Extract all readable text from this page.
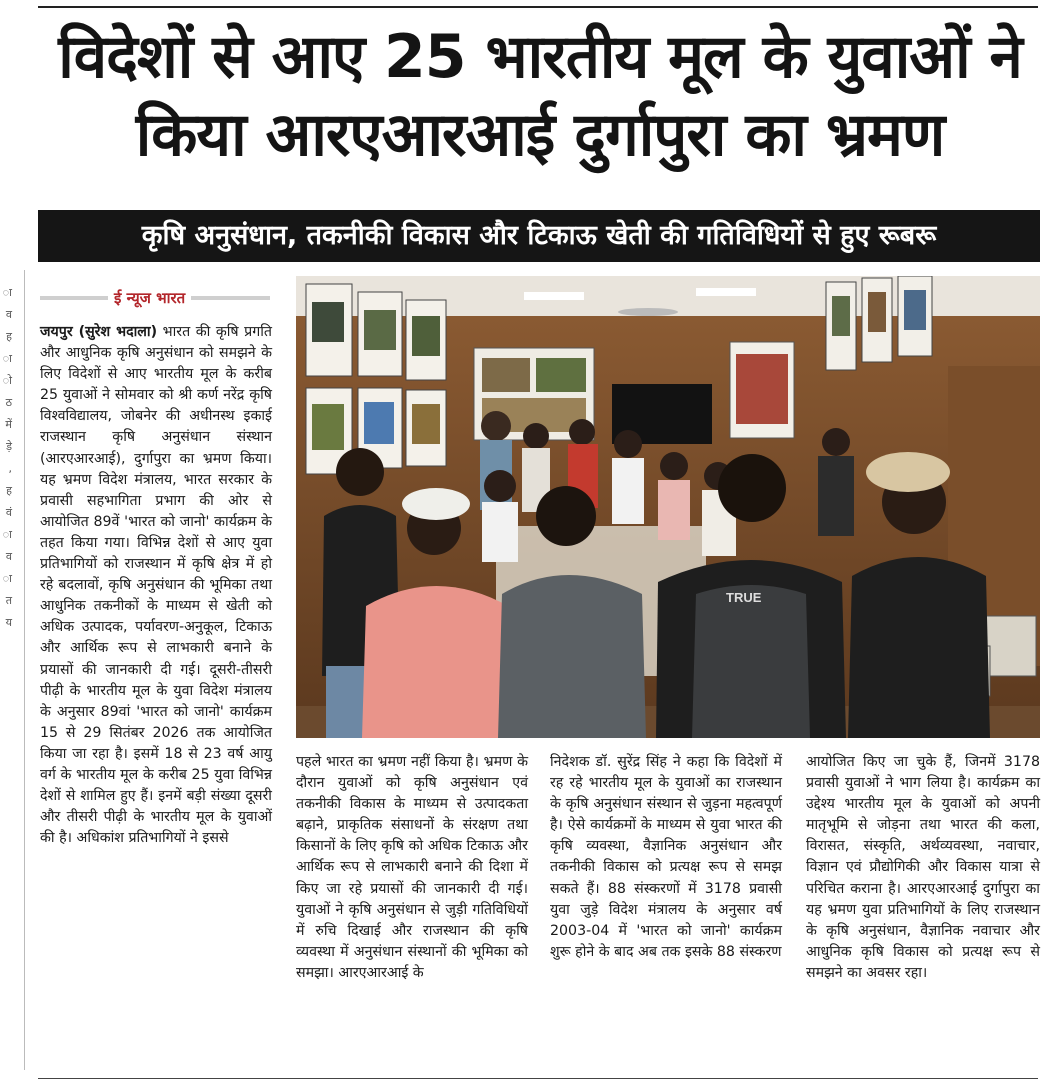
विदेशों से आए 25 भारतीय मूल के युवाओं ने किया आरएआरआई दुर्गापुरा का भ्रमण
कृषि अनुसंधान, तकनीकी विकास और टिकाऊ खेती की गतिविधियों से हुए रूबरू
ा
व
ह
ा
ो
ठ
में
ड़े
,
ह
वं
ा
व
ा
त
य
ई न्यूज भारत

जयपुर (सुरेश भदाला) भारत की कृषि प्रगति और आधुनिक कृषि अनुसंधान को समझने के लिए विदेशों से आए भारतीय मूल के करीब 25 युवाओं ने सोमवार को श्री कर्ण नरेंद्र कृषि विश्वविद्यालय, जोबनेर की अधीनस्थ इकाई राजस्थान कृषि अनुसंधान संस्थान (आरएआरआई), दुर्गापुरा का भ्रमण किया। यह भ्रमण विदेश मंत्रालय, भारत सरकार के प्रवासी सहभागिता प्रभाग की ओर से आयोजित 89वें 'भारत को जानो' कार्यक्रम के तहत किया गया। विभिन्न देशों से आए युवा प्रतिभागियों को राजस्थान में कृषि क्षेत्र में हो रहे बदलावों, कृषि अनुसंधान की भूमिका तथा आधुनिक तकनीकों के माध्यम से खेती को अधिक उत्पादक, पर्यावरण-अनुकूल, टिकाऊ और आर्थिक रूप से लाभकारी बनाने के प्रयासों की जानकारी दी गई। दूसरी-तीसरी पीढ़ी के भारतीय मूल के युवा विदेश मंत्रालय के अनुसार 89वां 'भारत को जानो' कार्यक्रम 15 से 29 सितंबर 2026 तक आयोजित किया जा रहा है। इसमें 18 से 23 वर्ष आयु वर्ग के भारतीय मूल के करीब 25 युवा विभिन्न देशों से शामिल हुए हैं। इनमें बड़ी संख्या दूसरी और तीसरी पीढ़ी के भारतीय मूल के युवाओं की है। अधिकांश प्रतिभागियों ने इससे

TRUE

पहले भारत का भ्रमण नहीं किया है। भ्रमण के दौरान युवाओं को कृषि अनुसंधान एवं तकनीकी विकास के माध्यम से उत्पादकता बढ़ाने, प्राकृतिक संसाधनों के संरक्षण तथा किसानों के लिए कृषि को अधिक टिकाऊ और आर्थिक रूप से लाभकारी बनाने की दिशा में किए जा रहे प्रयासों की जानकारी दी गई। युवाओं ने कृषि अनुसंधान से जुड़ी गतिविधियों में रुचि दिखाई और राजस्थान की कृषि व्यवस्था में अनुसंधान संस्थानों की भूमिका को समझा। आरएआरआई के

निदेशक डॉ. सुरेंद्र सिंह ने कहा कि विदेशों में रह रहे भारतीय मूल के युवाओं का राजस्थान के कृषि अनुसंधान संस्थान से जुड़ना महत्वपूर्ण है। ऐसे कार्यक्रमों के माध्यम से युवा भारत की कृषि व्यवस्था, वैज्ञानिक अनुसंधान और तकनीकी विकास को प्रत्यक्ष रूप से समझ सकते हैं। 88 संस्करणों में 3178 प्रवासी युवा जुड़े विदेश मंत्रालय के अनुसार वर्ष 2003-04 में 'भारत को जानो' कार्यक्रम शुरू होने के बाद अब तक इसके 88 संस्करण

आयोजित किए जा चुके हैं, जिनमें 3178 प्रवासी युवाओं ने भाग लिया है। कार्यक्रम का उद्देश्य भारतीय मूल के युवाओं को अपनी मातृभूमि से जोड़ना तथा भारत की कला, विरासत, संस्कृति, अर्थव्यवस्था, नवाचार, विज्ञान एवं प्रौद्योगिकी और विकास यात्रा से परिचित कराना है। आरएआरआई दुर्गापुरा का यह भ्रमण युवा प्रतिभागियों के लिए राजस्थान के कृषि अनुसंधान, वैज्ञानिक नवाचार और आधुनिक कृषि विकास को प्रत्यक्ष रूप से समझने का अवसर रहा।
